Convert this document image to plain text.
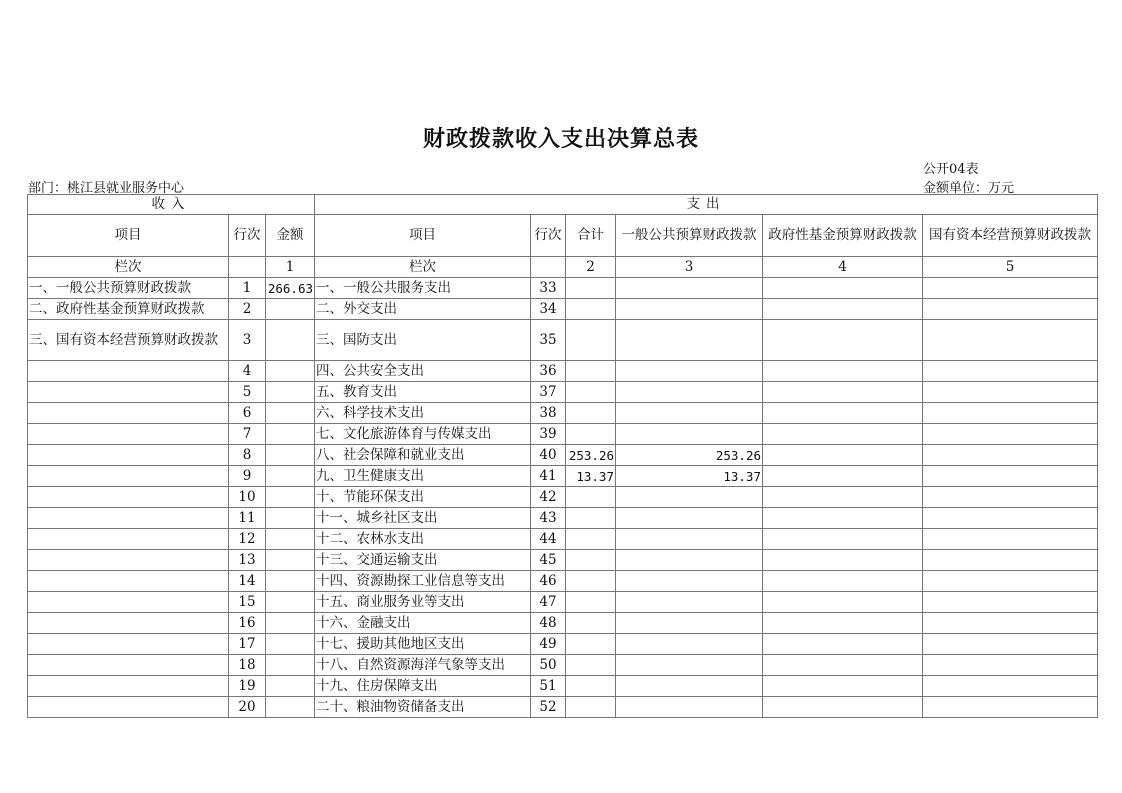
财政拨款收入支出决算总表
公开04表
部门：桃江县就业服务中心	金额单位：万元
收入			支出					
项目	行次	金额	项目	行次	合计	一般公共预算财政拨款	政府性基金预算财政拨款	国有资本经营预算财政拨款
栏次		1	栏次		2	3	4	5
一、一般公共预算财政拨款	1	266.63	一、一般公共服务支出	33				
二、政府性基金预算财政拨款	2		二、外交支出	34				
三、国有资本经营预算财政拨款	3		三、国防支出	35				
	4		四、公共安全支出	36				
	5		五、教育支出	37				
	6		六、科学技术支出	38				
	7		七、文化旅游体育与传媒支出	39				
	8		八、社会保障和就业支出	40	253.26	253.26		
	9		九、卫生健康支出	41	13.37	13.37		
	10		十、节能环保支出	42				
	11		十一、城乡社区支出	43				
	12		十二、农林水支出	44				
	13		十三、交通运输支出	45				
	14		十四、资源勘探工业信息等支出	46				
	15		十五、商业服务业等支出	47				
	16		十六、金融支出	48				
	17		十七、援助其他地区支出	49				
	18		十八、自然资源海洋气象等支出	50				
	19		十九、住房保障支出	51				
	20		二十、粮油物资储备支出	52				
